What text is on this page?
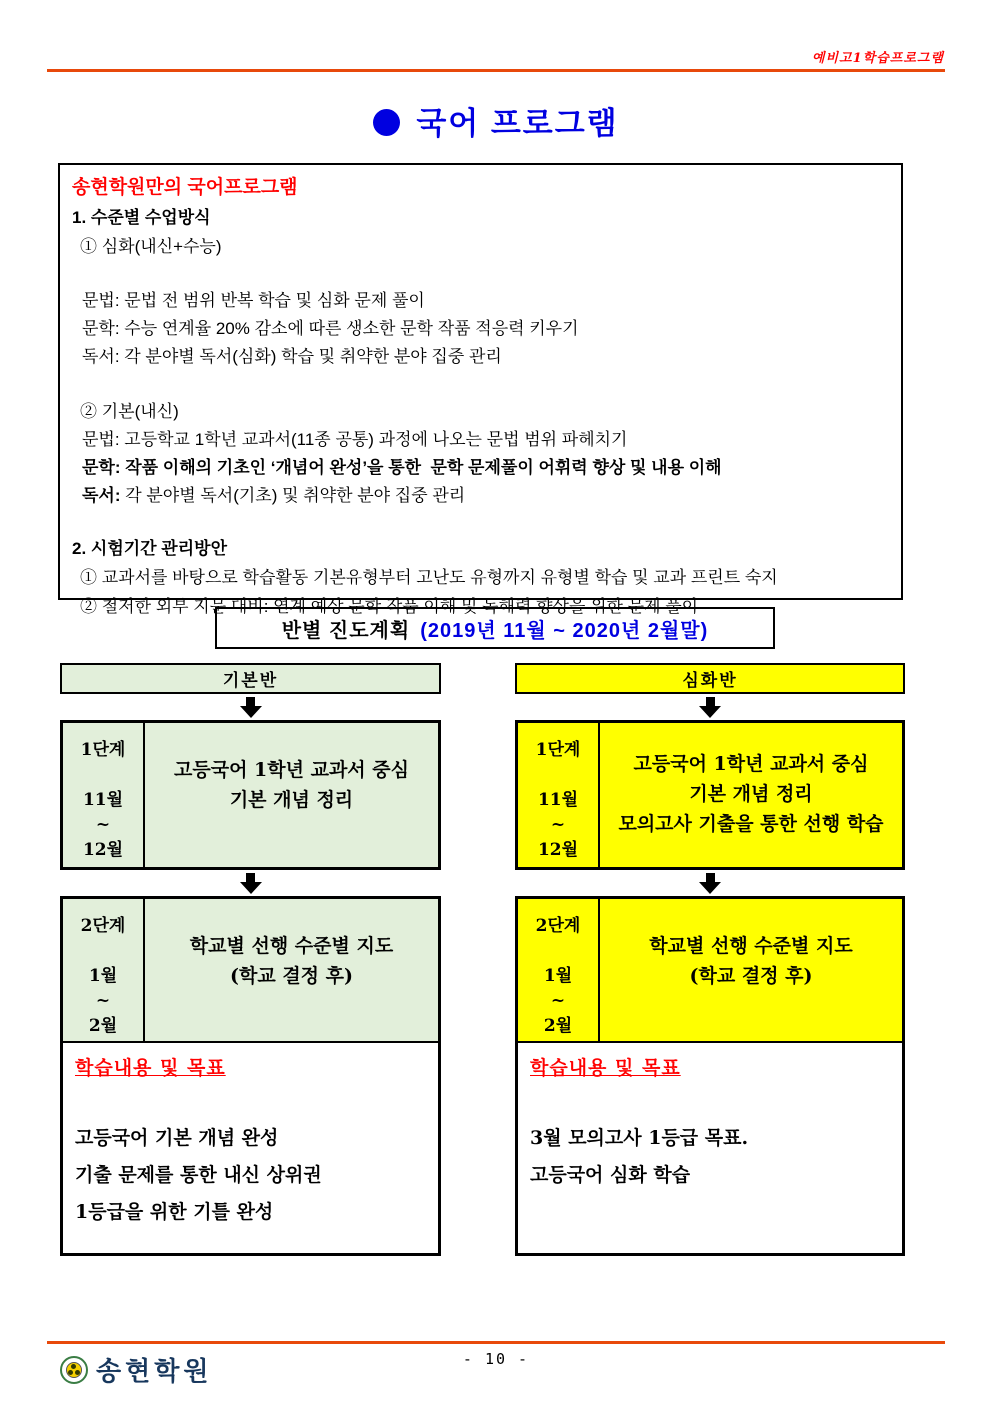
예비고1학습프로그램
국어 프로그램
송현학원만의 국어프로그램
1. 수준별 수업방식
① 심화(내신+수능)
문법: 문법 전 범위 반복 학습 및 심화 문제 풀이
문학: 수능 연계율 20% 감소에 따른 생소한 문학 작품 적응력 키우기
독서: 각 분야별 독서(심화) 학습 및 취약한 분야 집중 관리
② 기본(내신)
문법: 고등학교 1학년 교과서(11종 공통) 과정에 나오는 문법 범위 파헤치기
문학: 작품 이해의 기초인 ‘개념어 완성’을 통한  문학 문제풀이 어휘력 향상 및 내용 이해
독서: 각 분야별 독서(기초) 및 취약한 분야 집중 관리
2. 시험기간 관리방안
① 교과서를 바탕으로 학습활동 기본유형부터 고난도 유형까지 유형별 학습 및 교과 프린트 숙지
② 철저한 외부 지문 대비: 연계 예상 문학 작품 이해 및 독해력 향상을 위한 문제 풀이
반별 진도계획 (2019년 11월 ~ 2020년 2월말)
기본반
1단계
11월
~
12월
고등국어 1학년 교과서 중심
기본 개념 정리
2단계
1월
~
2월
학교별 선행 수준별 지도
(학교 결정 후)
학습내용 및 목표
고등국어 기본 개념 완성
기출 문제를 통한 내신 상위권
1등급을 위한 기틀 완성
심화반
1단계
11월
~
12월
고등국어 1학년 교과서 중심
기본 개념 정리
모의고사 기출을 통한 선행 학습
2단계
1월
~
2월
학교별 선행 수준별 지도
(학교 결정 후)
학습내용 및 목표
3월 모의고사 1등급 목표.
고등국어 심화 학습
송현학원	- 10 -
